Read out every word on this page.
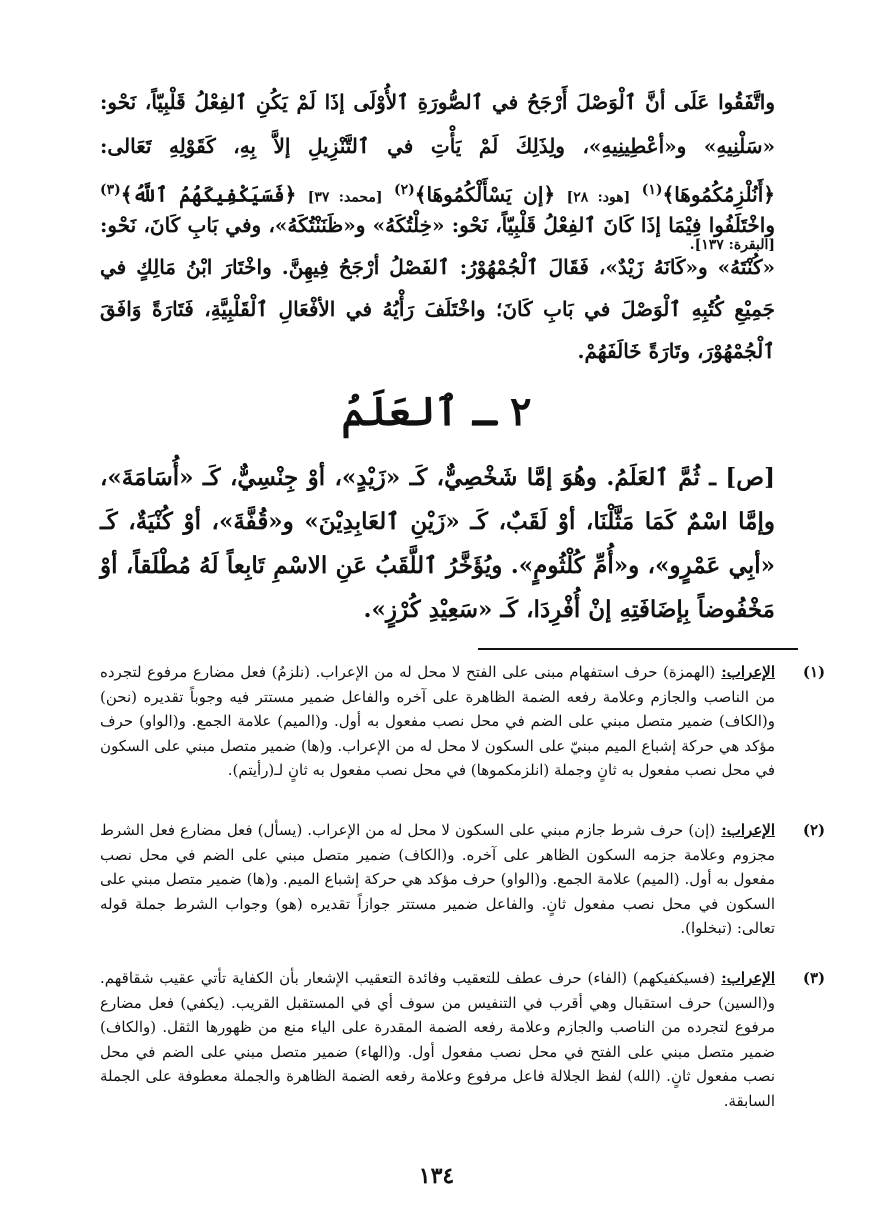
واتَّفَقُوا عَلَى أنَّ ٱلْوَصْلَ أَرْجَحُ في ٱلصُّورَةِ ٱلأُوْلَى إذَا لَمْ يَكُنِ ٱلفِعْلُ قَلْبِيّاً، نَحْو: «سَلْنِيهِ» و«أعْطِينِيهِ»، ولِذَلِكَ لَمْ يَأْتِ في ٱلتَّنْزِيلِ إلاَّ بِهِ، كَقَوْلِهِ تَعَالى: ﴿أَنُلْزِمُكُمُوهَا﴾$^{(١)}$ [هود: ٢٨] ﴿إن يَسْأَلْكُمُوهَا﴾$^{(٢)}$ [محمد: ٣٧] ﴿فَسَيَكْفِيكَهُمُ ٱللَّهُ﴾$^{(٣)}$ [البقرة: ١٣٧].
واخْتَلَفُوا فِيْمَا إذَا كَانَ ٱلفِعْلُ قَلْبِيّاً، نَحْو: «خِلْتُكَهُ» و«ظَنَنْتُكَهُ»، وفي بَابِ كَانَ، نَحْو: «كُنْتَهُ» و«كَانَهُ زَيْدٌ»، فَقَالَ ٱلْجُمْهُوْرُ: ٱلفَصْلُ أرْجَحُ فِيهِنَّ. واخْتَارَ ابْنُ مَالِكٍ في جَمِيْعِ كُتُبِهِ ٱلْوَصْلَ في بَابِ كَانَ؛ واخْتَلَفَ رَأْيُهُ في الأفْعَالِ ٱلْقَلْبِيَّةِ، فَتَارَةً وَافَقَ ٱلْجُمْهُوْرَ، وتَارَةً خَالَفَهُمْ.
٢ ـ ٱلعَلَمُ
[ص] ـ ثُمَّ ٱلعَلَمُ. وهُوَ إمَّا شَخْصِيٌّ، كَـ «زَيْدٍ»، أوْ جِنْسِيٌّ، كَـ «أُسَامَةَ»، وإمَّا اسْمٌ كَمَا مَثَّلْنَا، أوْ لَقَبٌ، كَـ «زَيْنِ ٱلعَابِدِيْنَ» و«قُفَّةَ»، أوْ كُنْيَةٌ، كَـ «أبِي عَمْرٍو»، و«أُمِّ كُلْثُومٍ». ويُؤَخَّرُ ٱللَّقَبُ عَنِ الاسْمِ تَابِعاً لَهُ مُطْلَقاً، أوْ مَخْفُوضاً بِإضَافَتِهِ إنْ أُفْرِدَا، كَـ «سَعِيْدِ كُرْزٍ».
(١)

الإعراب:(الهمزة) حرف استفهام مبنى على الفتح لا محل له من الإعراب. (نلزمُ) فعل مضارع مرفوع لتجرده من الناصب والجازم وعلامة رفعه الضمة الظاهرة على آخره والفاعل ضمير مستتر فيه وجوباً تقديره (نحن) و(الكاف) ضمير متصل مبني على الضم في محل نصب مفعول به أول. و(الميم) علامة الجمع. و(الواو) حرف مؤكد هي حركة إشباع الميم مبنيّ على السكون لا محل له من الإعراب. و(ها) ضمير متصل مبني على السكون في محل نصب مفعول به ثانٍ وجملة (انلزمكموها) في محل نصب مفعول به ثانٍ لـ(رأيتم).

(٢)

الإعراب:(إن) حرف شرط جازم مبني على السكون لا محل له من الإعراب. (يسأل) فعل مضارع فعل الشرط مجزوم وعلامة جزمه السكون الظاهر على آخره. و(الكاف) ضمير متصل مبني على الضم في محل نصب مفعول به أول. (الميم) علامة الجمع. و(الواو) حرف مؤكد هي حركة إشباع الميم. و(ها) ضمير متصل مبني على السكون في محل نصب مفعول ثانٍ. والفاعل ضمير مستتر جوازاً تقديره (هو) وجواب الشرط جملة قوله تعالى: (تبخلوا).

(٣)

الإعراب:(فسيكفيكهم) (الفاء) حرف عطف للتعقيب وفائدة التعقيب الإشعار بأن الكفاية تأتي عقيب شقاقهم. و(السين) حرف استقبال وهي أقرب في التنفيس من سوف أي في المستقبل القريب. (يكفي) فعل مضارع مرفوع لتجرده من الناصب والجازم وعلامة رفعه الضمة المقدرة على الياء منع من ظهورها الثقل. (والكاف) ضمير متصل مبني على الفتح في محل نصب مفعول أول. و(الهاء) ضمير متصل مبني على الضم في محل نصب مفعول ثانٍ. (الله) لفظ الجلالة فاعل مرفوع وعلامة رفعه الضمة الظاهرة والجملة معطوفة على الجملة السابقة.

١٣٤
